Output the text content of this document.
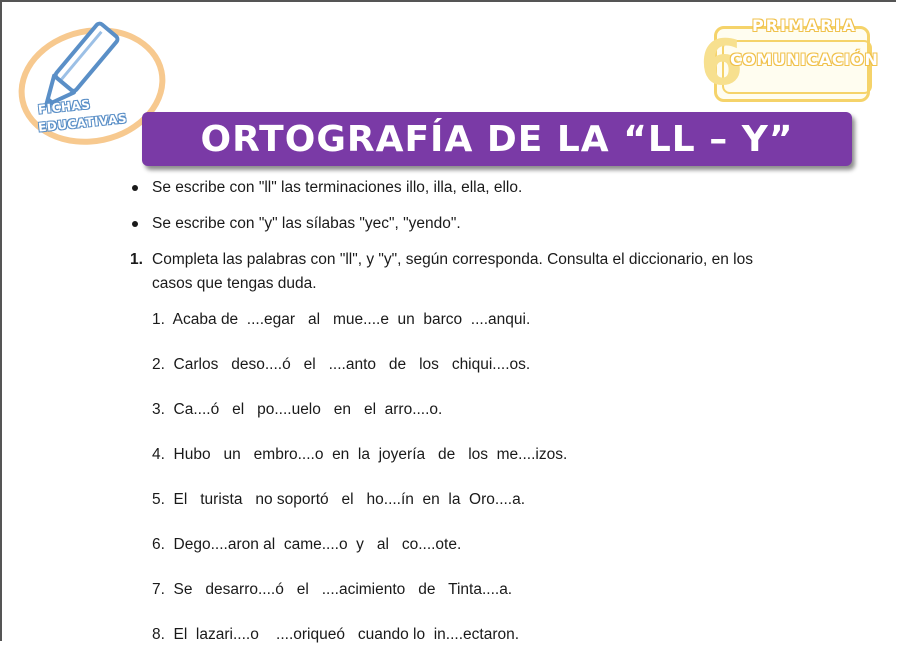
FICHAS
EDUCATIVAS
6
PRIMARIA
COMUNICACIÓN
ORTOGRAFÍA DE LA “LL – Y”
Se escribe con "ll" las terminaciones illo, illa, ella, ello.
Se escribe con "y" las sílabas "yec", "yendo".
1. Completa las palabras con "ll", y "y", según corresponda. Consulta el diccionario, en los
casos que tengas duda.
1.  Acaba de  ....egar   al   mue....e  un  barco  ....anqui.
2.  Carlos   deso....ó   el   ....anto   de   los   chiqui....os.
3.  Ca....ó   el   po....uelo   en   el  arro....o.
4.  Hubo   un   embro....o  en  la  joyería   de   los  me....izos.
5.  El   turista   no soportó   el   ho....ín  en  la  Oro....a.
6.  Dego....aron al  came....o  y   al   co....ote.
7.  Se   desarro....ó   el   ....acimiento   de   Tinta....a.
8.  El  lazari....o    ....oriqueó   cuando lo  in....ectaron.
